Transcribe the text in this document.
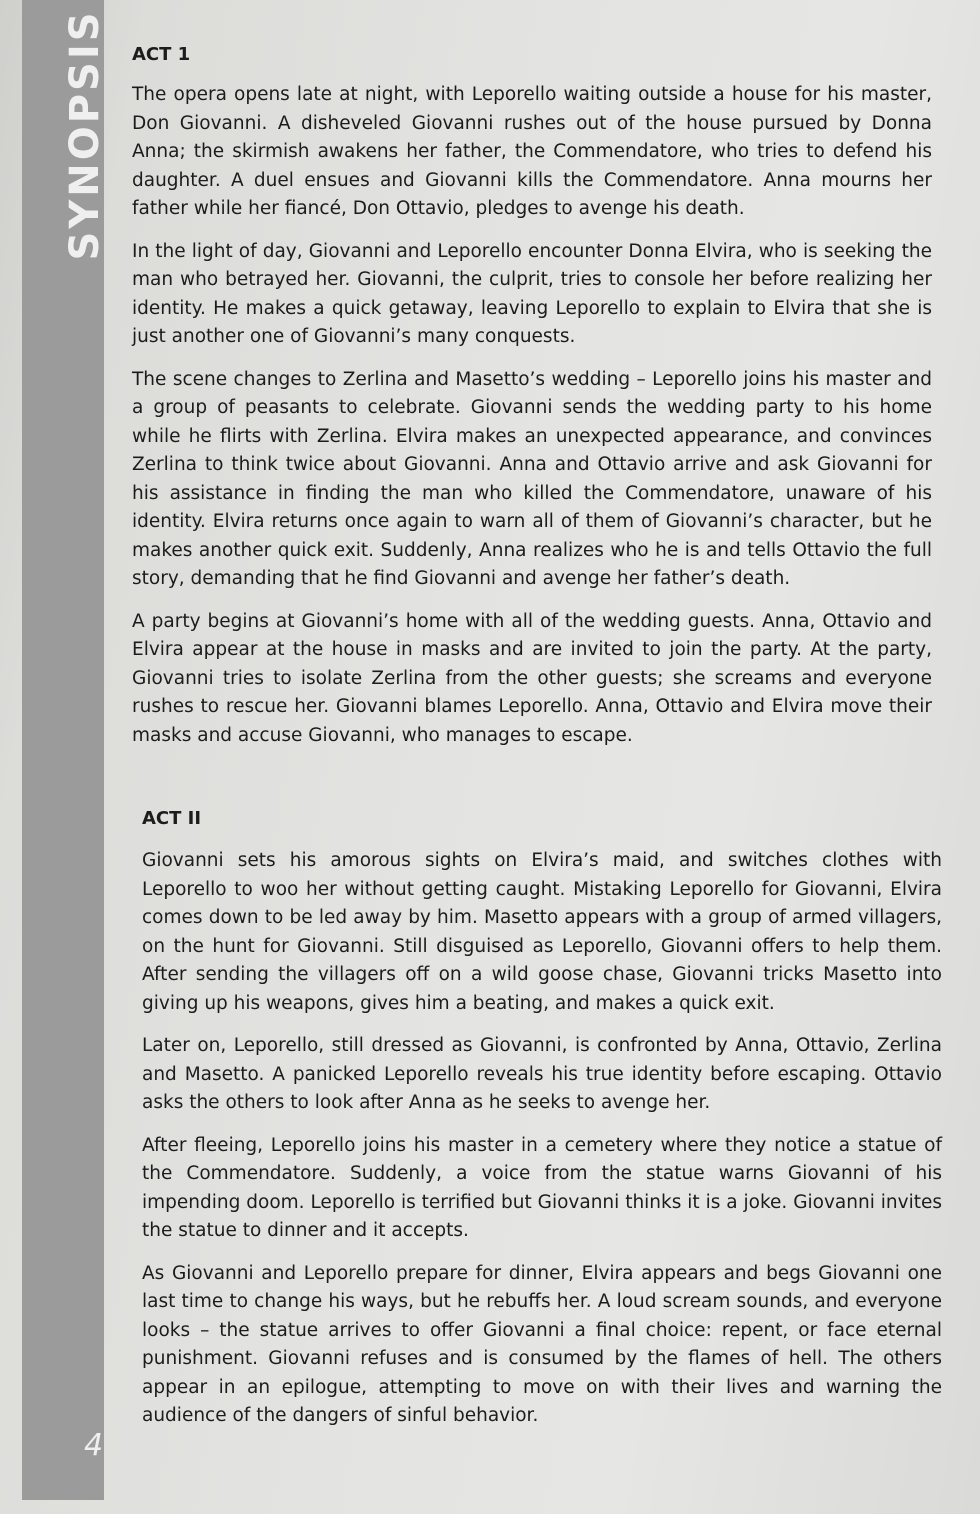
SYNOPSIS
4
ACT 1

The opera opens late at night, with Leporello waiting outside a house for his master, Don Giovanni. A disheveled Giovanni rushes out of the house pursued by Donna Anna; the skirmish awakens her father, the Commendatore, who tries to defend his daughter. A duel ensues and Giovanni kills the Commendatore. Anna mourns her father while her fiancé, Don Ottavio, pledges to avenge his death.

In the light of day, Giovanni and Leporello encounter Donna Elvira, who is seeking the man who betrayed her. Giovanni, the culprit, tries to console her before realizing her identity. He makes a quick getaway, leaving Leporello to explain to Elvira that she is just another one of Giovanni’s many conquests.

The scene changes to Zerlina and Masetto’s wedding – Leporello joins his master and a group of peasants to celebrate. Giovanni sends the wedding party to his home while he flirts with Zerlina. Elvira makes an unexpected appearance, and convinces Zerlina to think twice about Giovanni. Anna and Ottavio arrive and ask Giovanni for his assistance in finding the man who killed the Commendatore, unaware of his identity. Elvira returns once again to warn all of them of Giovanni’s character, but he makes another quick exit. Suddenly, Anna realizes who he is and tells Ottavio the full story, demanding that he find Giovanni and avenge her father’s death.

A party begins at Giovanni’s home with all of the wedding guests. Anna, Ottavio and Elvira appear at the house in masks and are invited to join the party. At the party, Giovanni tries to isolate Zerlina from the other guests; she screams and everyone rushes to rescue her. Giovanni blames Leporello. Anna, Ottavio and Elvira move their masks and accuse Giovanni, who manages to escape.

ACT II

Giovanni sets his amorous sights on Elvira’s maid, and switches clothes with Leporello to woo her without getting caught. Mistaking Leporello for Giovanni, Elvira comes down to be led away by him. Masetto appears with a group of armed villagers, on the hunt for Giovanni. Still disguised as Leporello, Giovanni offers to help them. After sending the villagers off on a wild goose chase, Giovanni tricks Masetto into giving up his weapons, gives him a beating, and makes a quick exit.

Later on, Leporello, still dressed as Giovanni, is confronted by Anna, Ottavio, Zerlina and Masetto. A panicked Leporello reveals his true identity before escaping. Ottavio asks the others to look after Anna as he seeks to avenge her.

After fleeing, Leporello joins his master in a cemetery where they notice a statue of the Commendatore. Suddenly, a voice from the statue warns Giovanni of his impending doom. Leporello is terrified but Giovanni thinks it is a joke. Giovanni invites the statue to dinner and it accepts.

As Giovanni and Leporello prepare for dinner, Elvira appears and begs Giovanni one last time to change his ways, but he rebuffs her. A loud scream sounds, and everyone looks – the statue arrives to offer Giovanni a final choice: repent, or face eternal punishment. Giovanni refuses and is consumed by the flames of hell. The others appear in an epilogue, attempting to move on with their lives and warning the audience of the dangers of sinful behavior.
